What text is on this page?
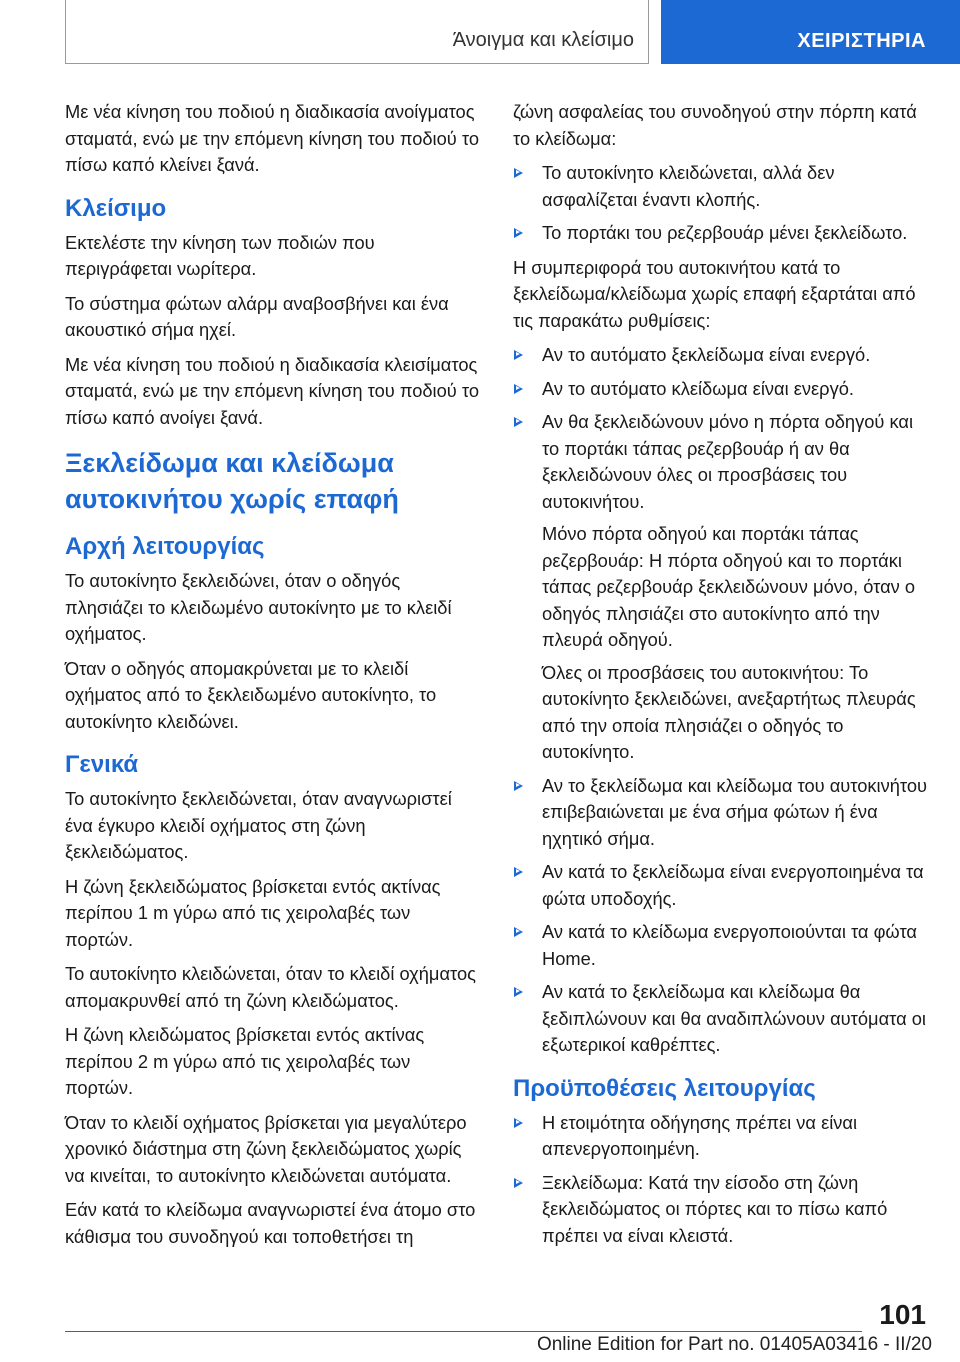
Άνοιγμα και κλείσιμο	ΧΕΙΡΙΣΤΗΡΙΑ

Με νέα κίνηση του ποδιού η διαδικασία ανοίγματος σταματά, ενώ με την επόμενη κίνηση του ποδιού το πίσω καπό κλείνει ξανά.

Κλείσιμο

Εκτελέστε την κίνηση των ποδιών που περιγράφεται νωρίτερα.

Το σύστημα φώτων αλάρμ αναβοσβήνει και ένα ακουστικό σήμα ηχεί.

Με νέα κίνηση του ποδιού η διαδικασία κλεισίματος σταματά, ενώ με την επόμενη κίνηση του ποδιού το πίσω καπό ανοίγει ξανά.

Ξεκλείδωμα και κλείδωμα αυτοκινήτου χωρίς επαφή
Αρχή λειτουργίας

Το αυτοκίνητο ξεκλειδώνει, όταν ο οδηγός πλησιάζει το κλειδωμένο αυτοκίνητο με το κλειδί οχήματος.

Όταν ο οδηγός απομακρύνεται με το κλειδί οχήματος από το ξεκλειδωμένο αυτοκίνητο, το αυτοκίνητο κλειδώνει.

Γενικά

Το αυτοκίνητο ξεκλειδώνεται, όταν αναγνωριστεί ένα έγκυρο κλειδί οχήματος στη ζώνη ξεκλειδώματος.

Η ζώνη ξεκλειδώματος βρίσκεται εντός ακτίνας περίπου 1 m γύρω από τις χειρολαβές των πορτών.

Το αυτοκίνητο κλειδώνεται, όταν το κλειδί οχήματος απομακρυνθεί από τη ζώνη κλειδώματος.

Η ζώνη κλειδώματος βρίσκεται εντός ακτίνας περίπου 2 m γύρω από τις χειρολαβές των πορτών.

Όταν το κλειδί οχήματος βρίσκεται για μεγαλύτερο χρονικό διάστημα στη ζώνη ξεκλειδώματος χωρίς να κινείται, το αυτοκίνητο κλειδώνεται αυτόματα.

Εάν κατά το κλείδωμα αναγνωριστεί ένα άτομο στο κάθισμα του συνοδηγού και τοποθετήσει τη

ζώνη ασφαλείας του συνοδηγού στην πόρπη κατά το κλείδωμα:

Το αυτοκίνητο κλειδώνεται, αλλά δεν ασφαλίζεται έναντι κλοπής.
Το πορτάκι του ρεζερβουάρ μένει ξεκλείδωτο.

Η συμπεριφορά του αυτοκινήτου κατά το ξεκλείδωμα/κλείδωμα χωρίς επαφή εξαρτάται από τις παρακάτω ρυθμίσεις:

Αν το αυτόματο ξεκλείδωμα είναι ενεργό.
Αν το αυτόματο κλείδωμα είναι ενεργό.
Αν θα ξεκλειδώνουν μόνο η πόρτα οδηγού και το πορτάκι τάπας ρεζερβουάρ ή αν θα ξεκλειδώνουν όλες οι προσβάσεις του αυτοκινήτου.

Μόνο πόρτα οδηγού και πορτάκι τάπας ρεζερβουάρ: Η πόρτα οδηγού και το πορτάκι τάπας ρεζερβουάρ ξεκλειδώνουν μόνο, όταν ο οδηγός πλησιάζει στο αυτοκίνητο από την πλευρά οδηγού.

Όλες οι προσβάσεις του αυτοκινήτου: Το αυτοκίνητο ξεκλειδώνει, ανεξαρτήτως πλευράς από την οποία πλησιάζει ο οδηγός το αυτοκίνητο.

Αν το ξεκλείδωμα και κλείδωμα του αυτοκινήτου επιβεβαιώνεται με ένα σήμα φώτων ή ένα ηχητικό σήμα.
Αν κατά το ξεκλείδωμα είναι ενεργοποιημένα τα φώτα υποδοχής.
Αν κατά το κλείδωμα ενεργοποιούνται τα φώτα Home.
Αν κατά το ξεκλείδωμα και κλείδωμα θα ξεδιπλώνουν και θα αναδιπλώνουν αυτόματα οι εξωτερικοί καθρέπτες.
Προϋποθέσεις λειτουργίας
Η ετοιμότητα οδήγησης πρέπει να είναι απενεργοποιημένη.
Ξεκλείδωμα: Κατά την είσοδο στη ζώνη ξεκλειδώματος οι πόρτες και το πίσω καπό πρέπει να είναι κλειστά.
101
Online Edition for Part no. 01405A03416 - II/20
